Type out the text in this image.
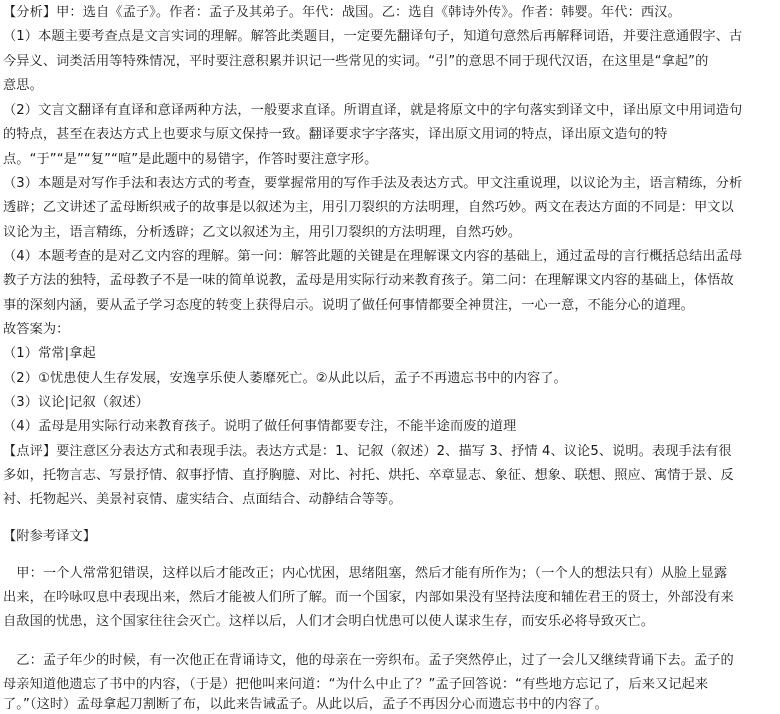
【分析】甲：选自《孟子》。作者：孟子及其弟子。年代：战国。乙：选自《韩诗外传》。作者：韩婴。年代：西汉。
（1）本题主要考查点是文言实词的理解。解答此类题目，一定要先翻译句子，知道句意然后再解释词语，并要注意通假字、古
今异义、词类活用等特殊情况，平时要注意积累并识记一些常见的实词。“引”的意思不同于现代汉语，在这里是“拿起”的
意思。
（2）文言文翻译有直译和意译两种方法，一般要求直译。所谓直译，就是将原文中的字句落实到译文中，译出原文中用词造句
的特点，甚至在表达方式上也要求与原文保持一致。翻译要求字字落实，译出原文用词的特点，译出原文造句的特
点。“于”“是”“复”“喧”是此题中的易错字，作答时要注意字形。
（3）本题是对写作手法和表达方式的考查，要掌握常用的写作手法及表达方式。甲文注重说理，以议论为主，语言精练，分析
透辟；乙文讲述了孟母断织戒子的故事是以叙述为主，用引刀裂织的方法明理，自然巧妙。两文在表达方面的不同是：甲文以
议论为主，语言精练，分析透辟；乙文以叙述为主，用引刀裂织的方法明理，自然巧妙。
（4）本题考查的是对乙文内容的理解。第一问：解答此题的关键是在理解课文内容的基础上，通过孟母的言行概括总结出孟母
教子方法的独特，孟母教子不是一味的简单说教，孟母是用实际行动来教育孩子。第二问：在理解课文内容的基础上，体悟故
事的深刻内涵，要从孟子学习态度的转变上获得启示。说明了做任何事情都要全神贯注，一心一意，不能分心的道理。
故答案为：
（1）常常|拿起
（2）①忧患使人生存发展，安逸享乐使人萎靡死亡。②从此以后，孟子不再遗忘书中的内容了。
（3）议论|记叙（叙述）
（4）孟母是用实际行动来教育孩子。说明了做任何事情都要专注，不能半途而废的道理
【点评】要注意区分表达方式和表现手法。表达方式是：1、记叙（叙述）2、描写 3、抒情 4、议论5、说明。表现手法有很
多如，托物言志、写景抒情、叙事抒情、直抒胸臆、对比、衬托、烘托、卒章显志、象征、想象、联想、照应、寓情于景、反
衬、托物起兴、美景衬哀情、虚实结合、点面结合、动静结合等等。
【附参考译文】
　甲：一个人常常犯错误，这样以后才能改正；内心忧困，思绪阻塞，然后才能有所作为；（一个人的想法只有）从脸上显露
出来，在吟咏叹息中表现出来，然后才能被人们所了解。而一个国家，内部如果没有坚持法度和辅佐君王的贤士，外部没有来
自敌国的忧患，这个国家往往会灭亡。这样以后，人们才会明白忧患可以使人谋求生存，而安乐必将导致灭亡。
　乙：孟子年少的时候，有一次他正在背诵诗文，他的母亲在一旁织布。孟子突然停止，过了一会儿又继续背诵下去。孟子的
母亲知道他遗忘了书中的内容，（于是）把他叫来问道：“为什么中止了？”孟子回答说：“有些地方忘记了，后来又记起来
了。”（这时）孟母拿起刀割断了布，以此来告诫孟子。从此以后，孟子不再因分心而遗忘书中的内容了。
